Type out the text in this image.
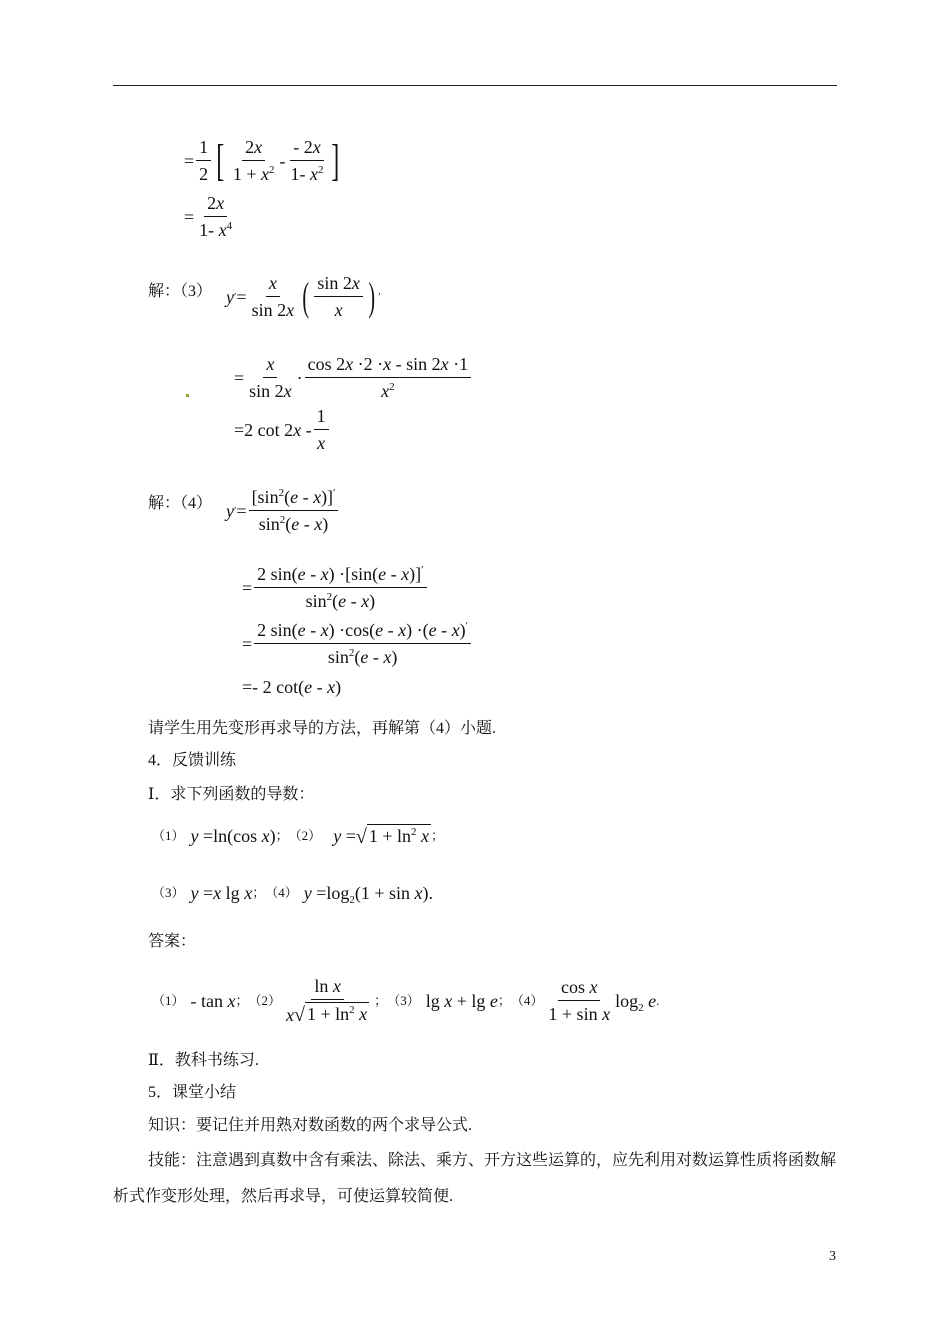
= $\frac{1}{2}$ [ $\frac{2x}{1 + x^2} - \frac{- 2x}{1- x^2}$ ]
= $\frac{2x}{1- x^4}$
解：（3） y ′ = $\frac{x}{\sin 2x}$ ( $\frac{\sin 2x}{x}$ ) ′
= $\frac{x}{\sin 2x} \cdot \frac{\cos 2x \cdot 2 \cdot x - \sin 2x \cdot 1}{x^2}$
=2 $\cot 2x - \frac{1}{x}$
解：（4） y ′ = $\frac{[\sin^2(e - x)]'}{\sin^2(e - x)}$
= $\frac{2 \sin(e - x) \cdot[\sin(e - x)]'}{\sin^2(e - x)}$
= $\frac{2 \sin(e - x) \cdot\cos(e - x) \cdot(e - x)'}{\sin^2(e - x)}$
=- 2 cot(e - x)
请学生用先变形再求导的方法，再解第（4）小题.
4．反馈训练
Ⅰ．求下列函数的导数：
（1） y =ln(cos x) ； （2） y = √ $1 + \ln^2 x$ ；
（3） y =x lg x ； （4） $y =\log_2(1 + \sin x)$.
答案：
（1） - tan x ； $(2) \frac{\text{ln x}}{x √ 1 + \ln^2 x}$ ； （3） lg x + lg e ； $(4) \frac{\text{cos x}}{\text{1 + sin x}} \log_2 e$ .
Ⅱ．教科书练习.
5．课堂小结
知识：要记住并用熟对数函数的两个求导公式.
技能：注意遇到真数中含有乘法、除法、乘方、开方这些运算的，应先利用对数运算性质将函数解
析式作变形处理，然后再求导，可使运算较简便.
3
